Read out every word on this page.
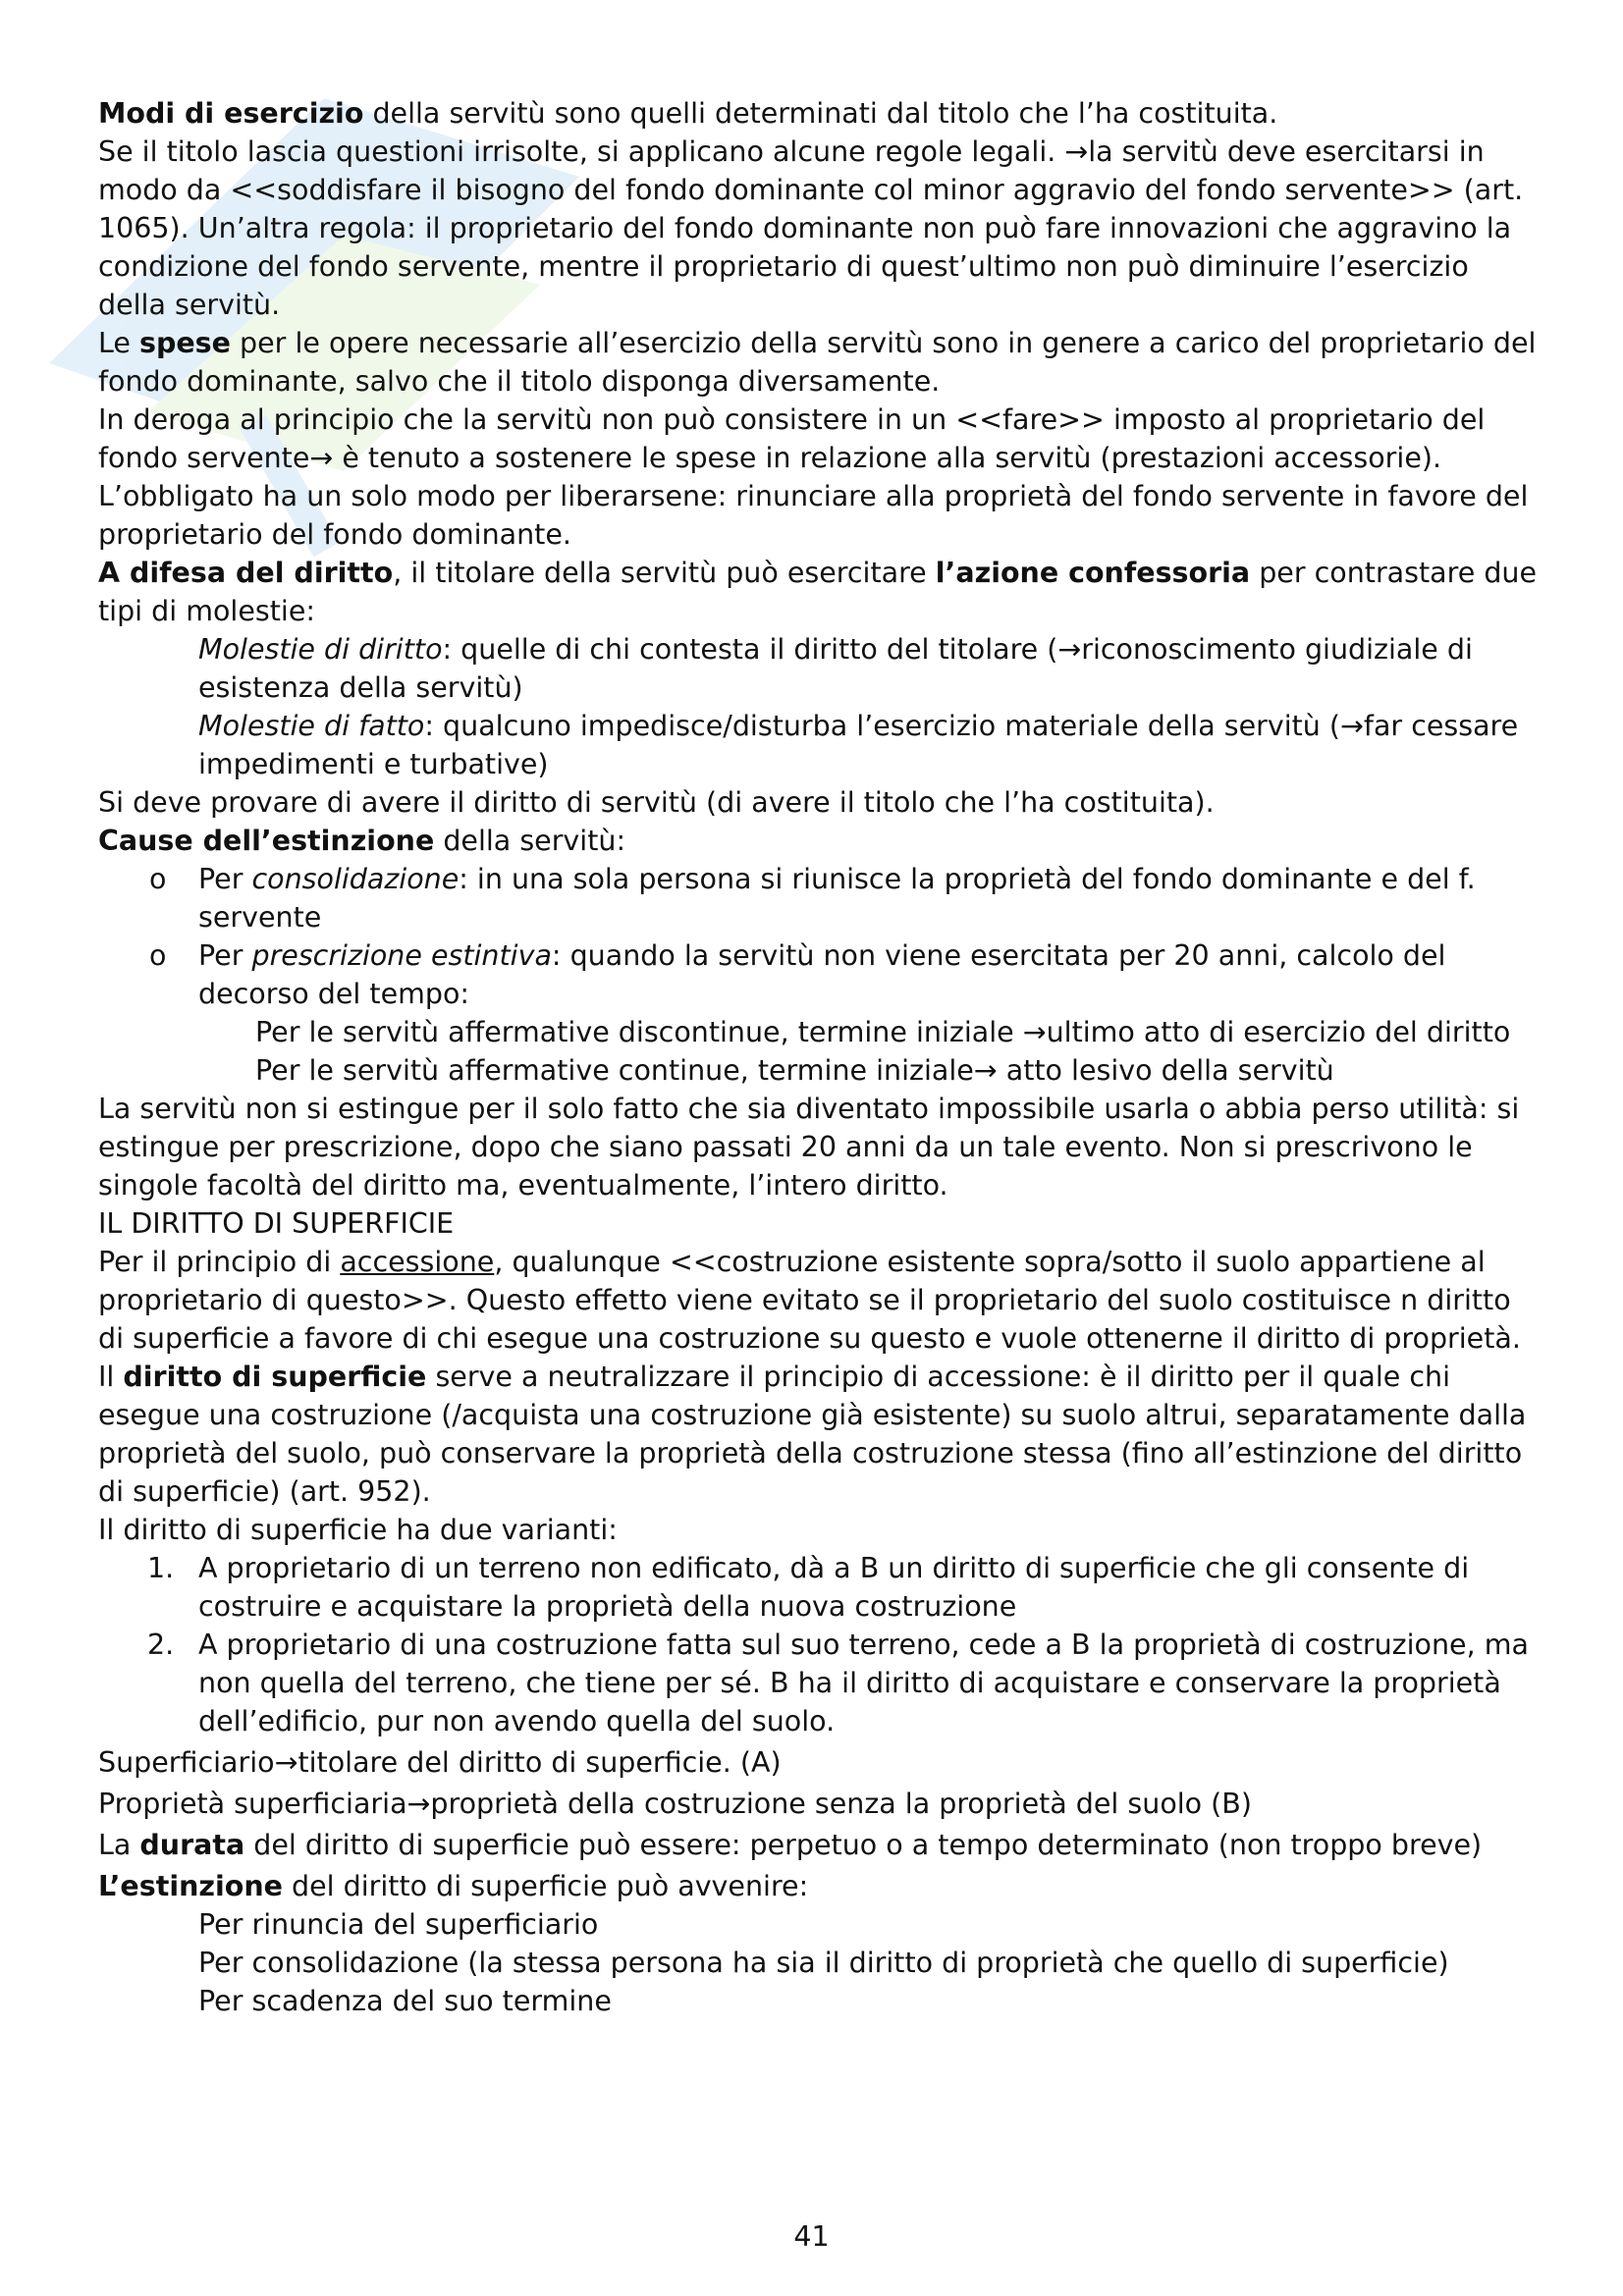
Modi di esercizio della servitù sono quelli determinati dal titolo che l’ha costituita.

Se il titolo lascia questioni irrisolte, si applicano alcune regole legali. →la servitù deve esercitarsi in modo da <<soddisfare il bisogno del fondo dominante col minor aggravio del fondo servente>> (art. 1065). Un’altra regola: il proprietario del fondo dominante non può fare innovazioni che aggravino la condizione del fondo servente, mentre il proprietario di quest’ultimo non può diminuire l’esercizio della servitù.

Le spese per le opere necessarie all’esercizio della servitù sono in genere a carico del proprietario del fondo dominante, salvo che il titolo disponga diversamente.

In deroga al principio che la servitù non può consistere in un <<fare>> imposto al proprietario del fondo servente→ è tenuto a sostenere le spese in relazione alla servitù (prestazioni accessorie).

L’obbligato ha un solo modo per liberarsene: rinunciare alla proprietà del fondo servente in favore del proprietario del fondo dominante.

A difesa del diritto, il titolare della servitù può esercitare l’azione confessoria per contrastare due tipi di molestie:

Molestie di diritto: quelle di chi contesta il diritto del titolare (→riconoscimento giudiziale di esistenza della servitù)

Molestie di fatto: qualcuno impedisce/disturba l’esercizio materiale della servitù (→far cessare impedimenti e turbative)

Si deve provare di avere il diritto di servitù (di avere il titolo che l’ha costituita).

Cause dell’estinzione della servitù:

o Per consolidazione: in una sola persona si riunisce la proprietà del fondo dominante e del f. servente

o Per prescrizione estintiva: quando la servitù non viene esercitata per 20 anni, calcolo del decorso del tempo:

Per le servitù affermative discontinue, termine iniziale →ultimo atto di esercizio del diritto

Per le servitù affermative continue, termine iniziale→ atto lesivo della servitù

La servitù non si estingue per il solo fatto che sia diventato impossibile usarla o abbia perso utilità: si estingue per prescrizione, dopo che siano passati 20 anni da un tale evento. Non si prescrivono le singole facoltà del diritto ma, eventualmente, l’intero diritto.

IL DIRITTO DI SUPERFICIE

Per il principio di accessione, qualunque <<costruzione esistente sopra/sotto il suolo appartiene al proprietario di questo>>. Questo effetto viene evitato se il proprietario del suolo costituisce n diritto di superficie a favore di chi esegue una costruzione su questo e vuole ottenerne il diritto di proprietà.

Il diritto di superficie serve a neutralizzare il principio di accessione: è il diritto per il quale chi esegue una costruzione (/acquista una costruzione già esistente) su suolo altrui, separatamente dalla proprietà del suolo, può conservare la proprietà della costruzione stessa (fino all’estinzione del diritto di superficie) (art. 952).

Il diritto di superficie ha due varianti:

1. A proprietario di un terreno non edificato, dà a B un diritto di superficie che gli consente di costruire e acquistare la proprietà della nuova costruzione

2. A proprietario di una costruzione fatta sul suo terreno, cede a B la proprietà di costruzione, ma non quella del terreno, che tiene per sé. B ha il diritto di acquistare e conservare la proprietà dell’edificio, pur non avendo quella del suolo.

Superficiario→titolare del diritto di superficie. (A)

Proprietà superficiaria→proprietà della costruzione senza la proprietà del suolo (B)

La durata del diritto di superficie può essere: perpetuo o a tempo determinato (non troppo breve)

L’estinzione del diritto di superficie può avvenire:

Per rinuncia del superficiario

Per consolidazione (la stessa persona ha sia il diritto di proprietà che quello di superficie)

Per scadenza del suo termine

41
